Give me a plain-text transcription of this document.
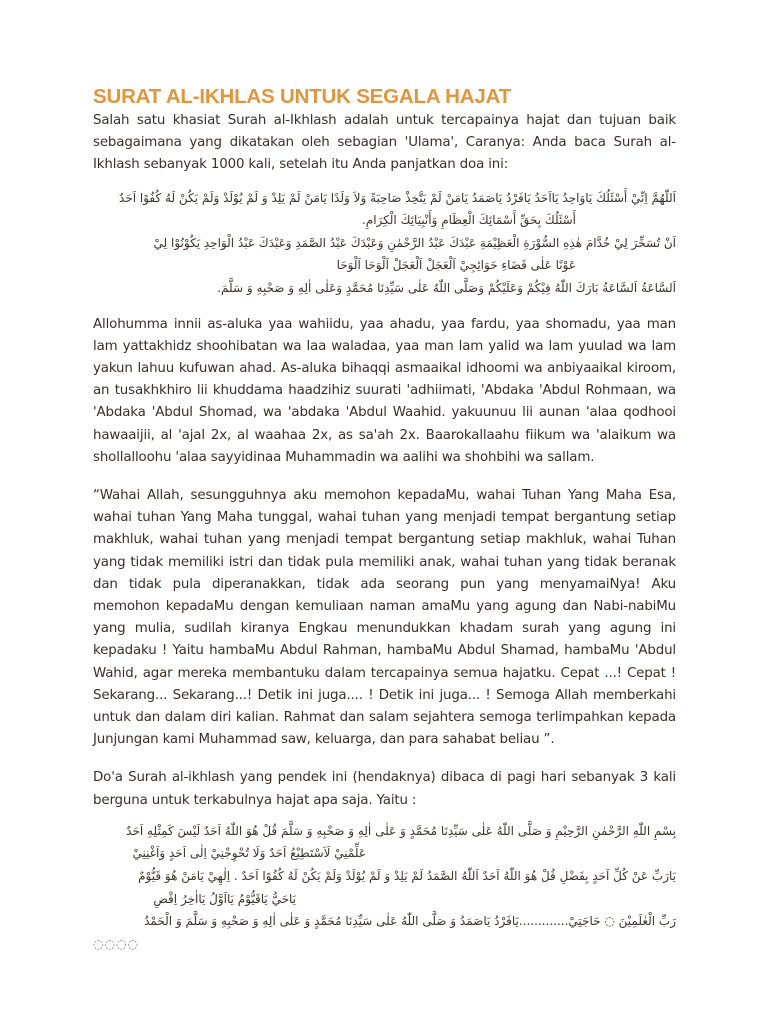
SURAT AL-IKHLAS UNTUK SEGALA HAJAT

Salah satu khasiat Surah al-Ikhlash adalah untuk tercapainya hajat dan tujuan baik sebagaimana yang dikatakan oleh sebagian 'Ulama', Caranya: Anda baca Surah al-Ikhlash sebanyak 1000 kali, setelah itu Anda panjatkan doa ini:

اَللّٰهُمَّ اِنِّيْ أَسْئَلُكَ يَاوَاحِدُ يَااَحَدُ يَافَرْدُ يَاصَمَدُ يَامَنْ لَمْ يَتَّخِذْ صَاحِبَةً وَلاَ وَلَدًا يَامَنْ لَمْ يَلِدْ وَ لَمْ يُوْلَدْ وَلَمْ يَكُنْ لَهُ كُفُوًا اَحَدٌ
أَسْئَلُكَ بِحَقِّ أَسْمَائِكَ الْعِظَامِ وَأَنْبِيَائِكَ الْكِرَامِ.
اَنْ تُسَخِّرَ لِيْ خُدَّامَ هٰذِهِ السُّوْرَةِ الْعَظِيْمَةِ عَبْدَكَ عَبْدُ الرَّحْمٰنِ وَعَبْدَكَ عَبْدُ الصَّمَدِ وَعَبْدَكَ عَبْدُ الْوَاحِدِ يَكُوْنُوْا لِيْ
عَوْنًا عَلٰى قَضَاءِ حَوَائِجِيْ اَلْعَجَلْ اَلْعَجَلْ اَلْوَحَا اَلْوَحَا
اَلسَّاعَةُ اَلسَّاعَةُ بَارَكَ اللّٰهُ فِيْكُمْ وَعَلَيْكُمْ وَصَلَّى اللّٰهُ عَلٰى سَيِّدِنَا مُحَمَّدٍ وَعَلٰى اٰلِهِ وَ صَحْبِهِ وَ سَلَّمَ.

Allohumma innii as-aluka yaa wahiidu, yaa ahadu, yaa fardu, yaa shomadu, yaa man lam yattakhidz shoohibatan wa laa waladaa, yaa man lam yalid wa lam yuulad wa lam yakun lahuu kufuwan ahad. As-aluka bihaqqi asmaaikal idhoomi wa anbiyaaikal kiroom, an tusakhkhiro lii khuddama haadzihiz suurati 'adhiimati, 'Abdaka 'Abdul Rohmaan, wa 'Abdaka 'Abdul Shomad, wa 'abdaka 'Abdul Waahid. yakuunuu lii aunan 'alaa qodhooi hawaaijii, al 'ajal 2x, al waahaa 2x, as sa'ah 2x. Baarokallaahu fiikum wa 'alaikum wa shollalloohu 'alaa sayyidinaa Muhammadin wa aalihi wa shohbihi wa sallam.

“Wahai Allah, sesungguhnya aku memohon kepadaMu, wahai Tuhan Yang Maha Esa, wahai tuhan Yang Maha tunggal, wahai tuhan yang menjadi tempat bergantung setiap makhluk, wahai tuhan yang menjadi tempat bergantung setiap makhluk, wahai Tuhan yang tidak memiliki istri dan tidak pula memiliki anak, wahai tuhan yang tidak beranak dan tidak pula diperanakkan, tidak ada seorang pun yang menyamaiNya! Aku memohon kepadaMu dengan kemuliaan naman amaMu yang agung dan Nabi-nabiMu yang mulia, sudilah kiranya Engkau menundukkan khadam surah yang agung ini kepadaku ! Yaitu hambaMu Abdul Rahman, hambaMu Abdul Shamad, hambaMu 'Abdul Wahid, agar mereka membantuku dalam tercapainya semua hajatku. Cepat ...! Cepat ! Sekarang... Sekarang...! Detik ini juga.... ! Detik ini juga... ! Semoga Allah memberkahi untuk dan dalam diri kalian. Rahmat dan salam sejahtera semoga terlimpahkan kepada Junjungan kami Muhammad saw, keluarga, dan para sahabat beliau ”.

Do'a Surah al-ikhlash yang pendek ini (hendaknya) dibaca di pagi hari sebanyak 3 kali berguna untuk terkabulnya hajat apa saja. Yaitu :

بِسْمِ اللّٰهِ الرَّحْمٰنِ الرَّحِيْمِ وَ صَلَّى اللّٰهُ عَلٰى سَيِّدِنَا مُحَمَّدٍ وَ عَلٰى اٰلِهِ وَ صَحْبِهِ وَ سَلَّمَ قُلْ هُوَ اللّٰهُ اَحَدٌ لَيْسَ كَمِثْلِهِ اَحَدٌ
عَلِّمْنِيْ لَاَسْتَطِيْعُ اَحَدٌ وَلَا تُحْوِجْنِيْ اِلٰى اَحَدٍ وَاَغْنِنِيْ
يَارَبِّ عَنْ كُلِّ اَحَدٍ بِفَضْلِ قُلْ هُوَ اللّٰهُ اَحَدٌ اَللّٰهُ الصَّمَدُ لَمْ يَلِدْ وَ لَمْ يُوْلَدْ وَلَمْ يَكُنْ لَهُ كُفُوًا اَحَدٌ . اِلٰهِيْ يَامَنْ هُوَ قَيُّوْمٌ
يَاحَيُّ يَاقَيُّوْمُ يَااَوَّلُ يَااٰخِرُ اِقْضِ
رَبِّ الْعٰلَمِيْنَ ◌ حَاجَتِيْ.............يَافَرْدُ يَاصَمَدُ وَ صَلَّى اللّٰهُ عَلٰى سَيِّدِنَا مُحَمَّدٍ وَ عَلٰى اٰلِهِ وَ صَحْبِهِ وَ سَلَّمَ وَ الْحَمْدُ
◌◌◌◌
